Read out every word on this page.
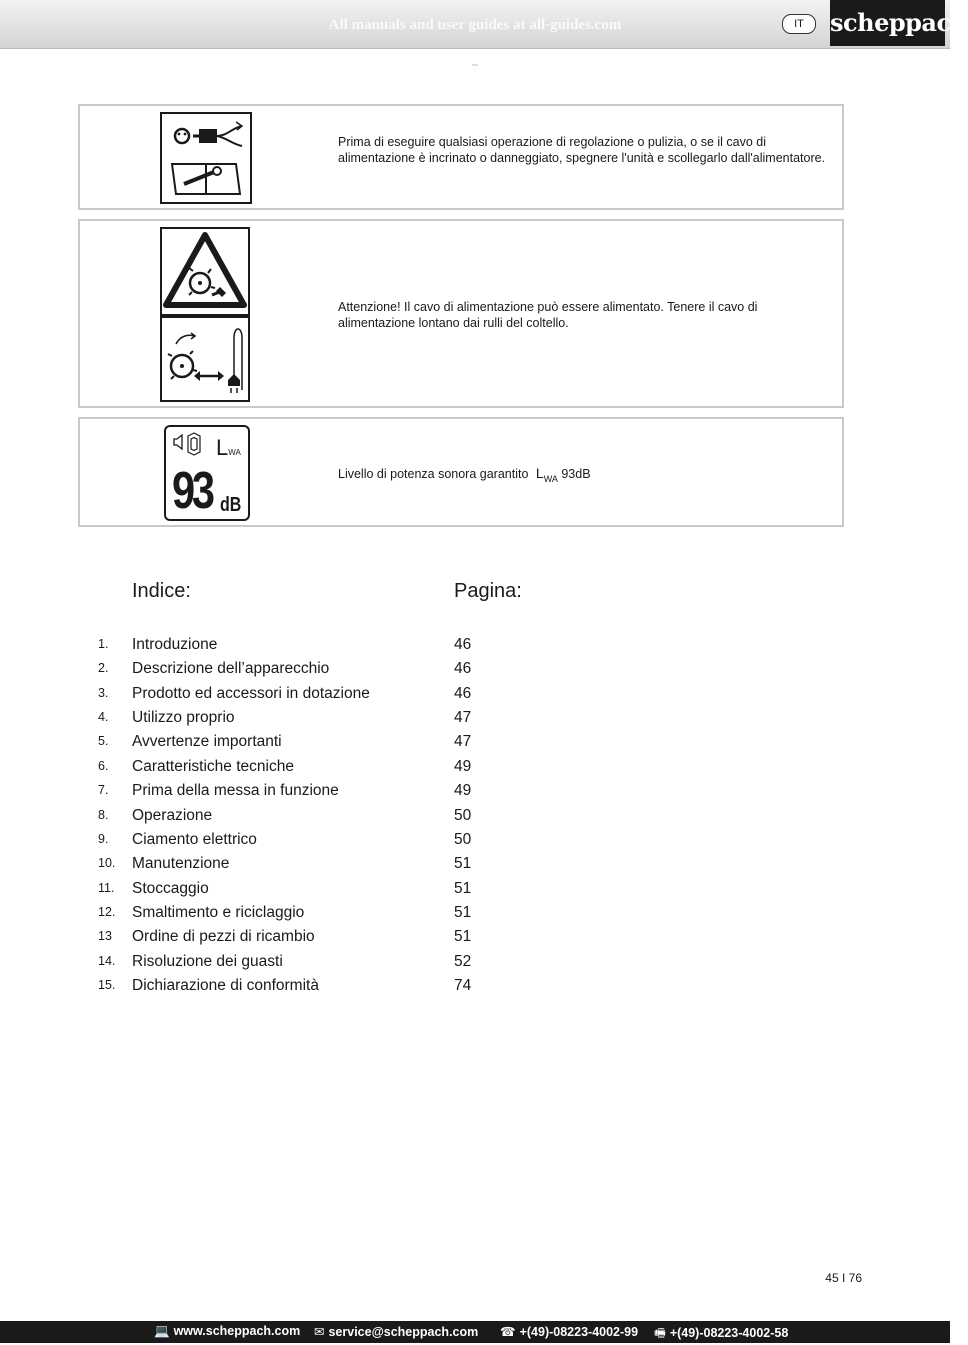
All manuals and user guides at all-guides.com	IT	scheppach
Prima di eseguire qualsiasi operazione di regolazione o pulizia, o se il cavo di alimentazione è incrinato o danneggiato, spegnere l'unità e scollegarlo dall'alimentatore.
Attenzione! Il cavo di alimentazione può essere alimentato. Tenere il cavo di alimentazione lontano dai rulli del coltello.
LWA
93 dB
Livello di potenza sonora garantito $L_{WA}$ 93dB
Indice:	Pagina:
1. Introduzione	46
2. Descrizione dell’apparecchio	46
3. Prodotto ed accessori in dotazione	46
4. Utilizzo proprio	47
5. Avvertenze importanti	47
6. Caratteristiche tecniche	49
7. Prima della messa in funzione	49
8. Operazione	50
9. Ciamento elettrico	50
10. Manutenzione	51
11. Stoccaggio	51
12. Smaltimento e riciclaggio	51
13 Ordine di pezzi di ricambio	51
14. Risoluzione dei guasti	52
15. Dichiarazione di conformità	74
45 I 76
💻 www.scheppach.com ✉ service@scheppach.com ☎ +(49)-08223-4002-99 🖷 +(49)-08223-4002-58
